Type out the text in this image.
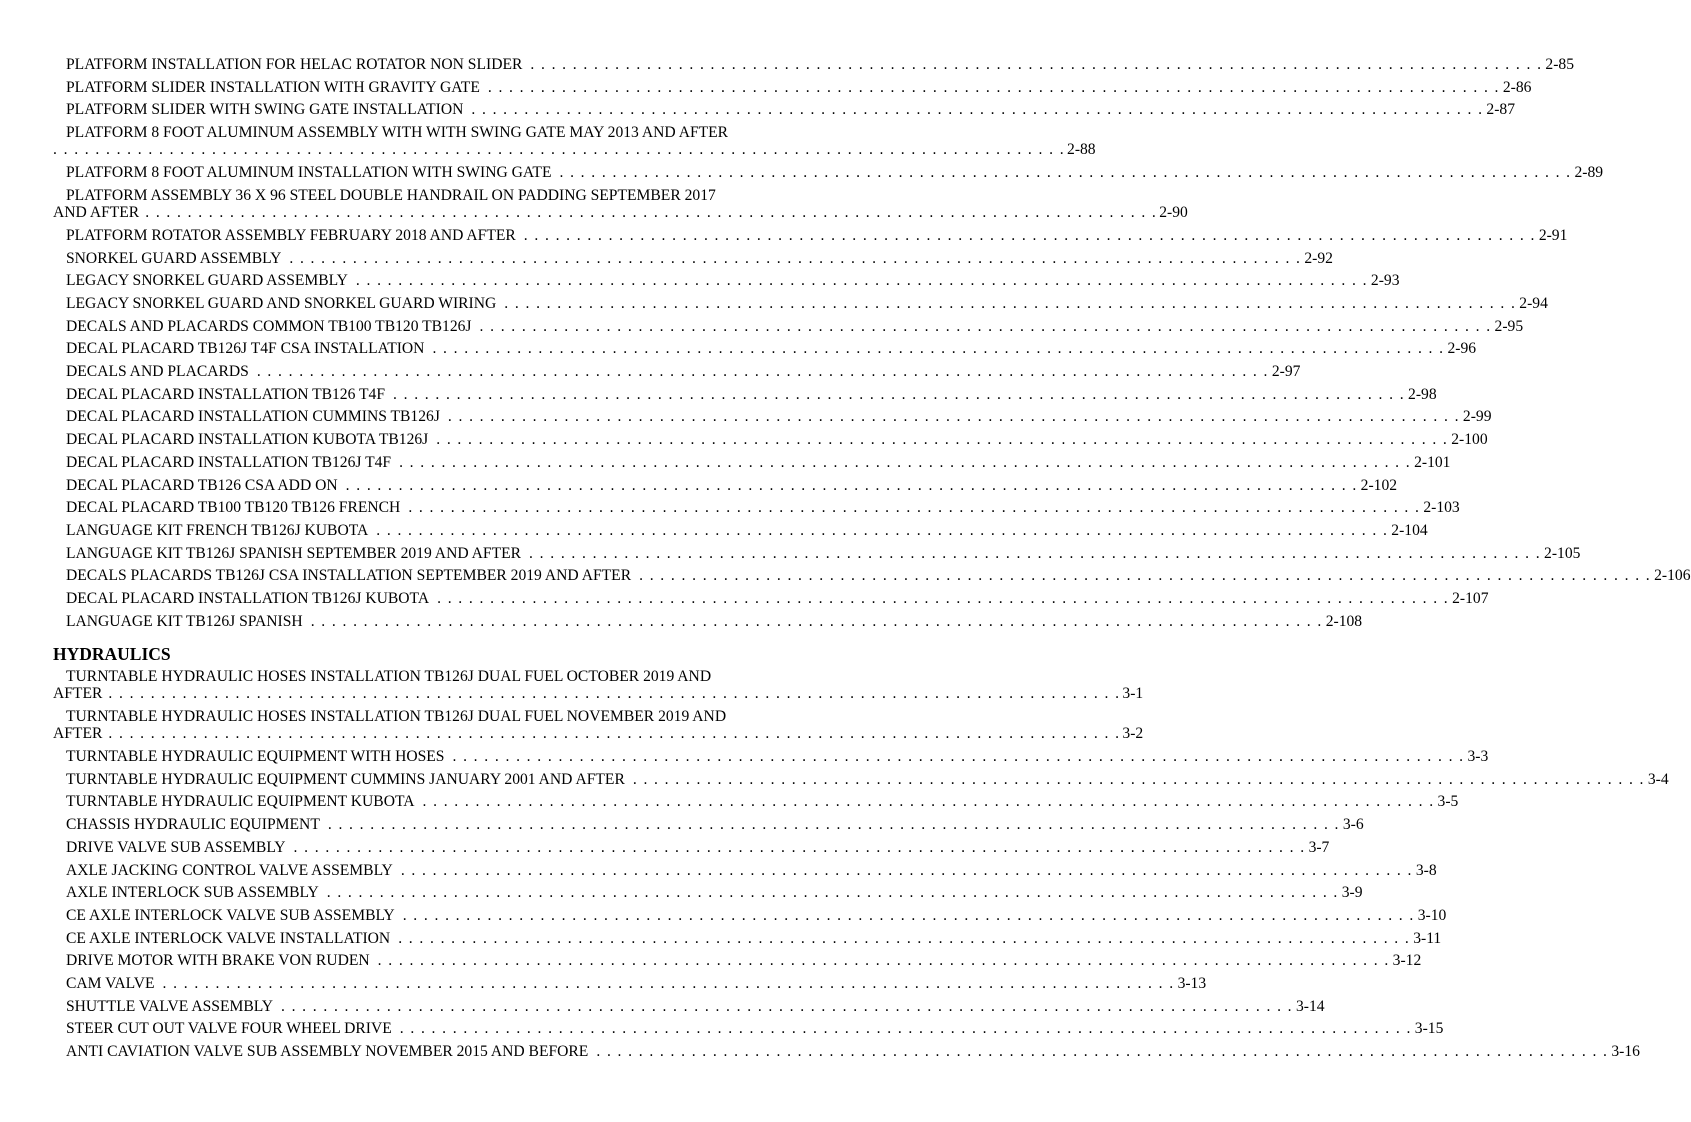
HYDRAULICS
PLATFORM INSTALLATION FOR HELAC ROTATOR NON SLIDER . . . . . . . . . . . . . . . . . . . . . . . . . . . . . . . . . . . . . . . . . . . . . . . . . . . . . . . . . . . . . . . . . . . . . . . . . . . . . . . . . . . . . . . . . . . . . . . . 2-85
PLATFORM SLIDER INSTALLATION WITH GRAVITY GATE . . . . . . . . . . . . . . . . . . . . . . . . . . . . . . . . . . . . . . . . . . . . . . . . . . . . . . . . . . . . . . . . . . . . . . . . . . . . . . . . . . . . . . . . . . . . . . . . 2-86
PLATFORM SLIDER WITH SWING GATE INSTALLATION . . . . . . . . . . . . . . . . . . . . . . . . . . . . . . . . . . . . . . . . . . . . . . . . . . . . . . . . . . . . . . . . . . . . . . . . . . . . . . . . . . . . . . . . . . . . . . . . 2-87
PLATFORM 8 FOOT ALUMINUM ASSEMBLY WITH WITH SWING GATE MAY 2013 AND AFTER
. . . . . . . . . . . . . . . . . . . . . . . . . . . . . . . . . . . . . . . . . . . . . . . . . . . . . . . . . . . . . . . . . . . . . . . . . . . . . . . . . . . . . . . . . . . . . . . . 2-88
PLATFORM 8 FOOT ALUMINUM INSTALLATION WITH SWING GATE . . . . . . . . . . . . . . . . . . . . . . . . . . . . . . . . . . . . . . . . . . . . . . . . . . . . . . . . . . . . . . . . . . . . . . . . . . . . . . . . . . . . . . . . . . . . . . . . 2-89
PLATFORM ASSEMBLY 36 X 96 STEEL DOUBLE HANDRAIL ON PADDING SEPTEMBER 2017
AND AFTER . . . . . . . . . . . . . . . . . . . . . . . . . . . . . . . . . . . . . . . . . . . . . . . . . . . . . . . . . . . . . . . . . . . . . . . . . . . . . . . . . . . . . . . . . . . . . . . . 2-90
PLATFORM ROTATOR ASSEMBLY FEBRUARY 2018 AND AFTER . . . . . . . . . . . . . . . . . . . . . . . . . . . . . . . . . . . . . . . . . . . . . . . . . . . . . . . . . . . . . . . . . . . . . . . . . . . . . . . . . . . . . . . . . . . . . . . . 2-91
SNORKEL GUARD ASSEMBLY . . . . . . . . . . . . . . . . . . . . . . . . . . . . . . . . . . . . . . . . . . . . . . . . . . . . . . . . . . . . . . . . . . . . . . . . . . . . . . . . . . . . . . . . . . . . . . . . 2-92
LEGACY SNORKEL GUARD ASSEMBLY . . . . . . . . . . . . . . . . . . . . . . . . . . . . . . . . . . . . . . . . . . . . . . . . . . . . . . . . . . . . . . . . . . . . . . . . . . . . . . . . . . . . . . . . . . . . . . . . 2-93
LEGACY SNORKEL GUARD AND SNORKEL GUARD WIRING . . . . . . . . . . . . . . . . . . . . . . . . . . . . . . . . . . . . . . . . . . . . . . . . . . . . . . . . . . . . . . . . . . . . . . . . . . . . . . . . . . . . . . . . . . . . . . . . 2-94
DECALS AND PLACARDS COMMON TB100 TB120 TB126J . . . . . . . . . . . . . . . . . . . . . . . . . . . . . . . . . . . . . . . . . . . . . . . . . . . . . . . . . . . . . . . . . . . . . . . . . . . . . . . . . . . . . . . . . . . . . . . . 2-95
DECAL PLACARD TB126J T4F CSA INSTALLATION . . . . . . . . . . . . . . . . . . . . . . . . . . . . . . . . . . . . . . . . . . . . . . . . . . . . . . . . . . . . . . . . . . . . . . . . . . . . . . . . . . . . . . . . . . . . . . . . 2-96
DECALS AND PLACARDS . . . . . . . . . . . . . . . . . . . . . . . . . . . . . . . . . . . . . . . . . . . . . . . . . . . . . . . . . . . . . . . . . . . . . . . . . . . . . . . . . . . . . . . . . . . . . . . . 2-97
DECAL PLACARD INSTALLATION TB126 T4F . . . . . . . . . . . . . . . . . . . . . . . . . . . . . . . . . . . . . . . . . . . . . . . . . . . . . . . . . . . . . . . . . . . . . . . . . . . . . . . . . . . . . . . . . . . . . . . . 2-98
DECAL PLACARD INSTALLATION CUMMINS TB126J . . . . . . . . . . . . . . . . . . . . . . . . . . . . . . . . . . . . . . . . . . . . . . . . . . . . . . . . . . . . . . . . . . . . . . . . . . . . . . . . . . . . . . . . . . . . . . . . 2-99
DECAL PLACARD INSTALLATION KUBOTA TB126J . . . . . . . . . . . . . . . . . . . . . . . . . . . . . . . . . . . . . . . . . . . . . . . . . . . . . . . . . . . . . . . . . . . . . . . . . . . . . . . . . . . . . . . . . . . . . . . . 2-100
DECAL PLACARD INSTALLATION TB126J T4F . . . . . . . . . . . . . . . . . . . . . . . . . . . . . . . . . . . . . . . . . . . . . . . . . . . . . . . . . . . . . . . . . . . . . . . . . . . . . . . . . . . . . . . . . . . . . . . . 2-101
DECAL PLACARD TB126 CSA ADD ON . . . . . . . . . . . . . . . . . . . . . . . . . . . . . . . . . . . . . . . . . . . . . . . . . . . . . . . . . . . . . . . . . . . . . . . . . . . . . . . . . . . . . . . . . . . . . . . . 2-102
DECAL PLACARD TB100 TB120 TB126 FRENCH . . . . . . . . . . . . . . . . . . . . . . . . . . . . . . . . . . . . . . . . . . . . . . . . . . . . . . . . . . . . . . . . . . . . . . . . . . . . . . . . . . . . . . . . . . . . . . . . 2-103
LANGUAGE KIT FRENCH TB126J KUBOTA . . . . . . . . . . . . . . . . . . . . . . . . . . . . . . . . . . . . . . . . . . . . . . . . . . . . . . . . . . . . . . . . . . . . . . . . . . . . . . . . . . . . . . . . . . . . . . . . 2-104
LANGUAGE KIT TB126J SPANISH SEPTEMBER 2019 AND AFTER . . . . . . . . . . . . . . . . . . . . . . . . . . . . . . . . . . . . . . . . . . . . . . . . . . . . . . . . . . . . . . . . . . . . . . . . . . . . . . . . . . . . . . . . . . . . . . . . 2-105
DECALS PLACARDS TB126J CSA INSTALLATION SEPTEMBER 2019 AND AFTER . . . . . . . . . . . . . . . . . . . . . . . . . . . . . . . . . . . . . . . . . . . . . . . . . . . . . . . . . . . . . . . . . . . . . . . . . . . . . . . . . . . . . . . . . . . . . . . . 2-106
DECAL PLACARD INSTALLATION TB126J KUBOTA . . . . . . . . . . . . . . . . . . . . . . . . . . . . . . . . . . . . . . . . . . . . . . . . . . . . . . . . . . . . . . . . . . . . . . . . . . . . . . . . . . . . . . . . . . . . . . . . 2-107
LANGUAGE KIT TB126J SPANISH . . . . . . . . . . . . . . . . . . . . . . . . . . . . . . . . . . . . . . . . . . . . . . . . . . . . . . . . . . . . . . . . . . . . . . . . . . . . . . . . . . . . . . . . . . . . . . . . 2-108
TURNTABLE HYDRAULIC HOSES INSTALLATION TB126J DUAL FUEL OCTOBER 2019 AND
AFTER . . . . . . . . . . . . . . . . . . . . . . . . . . . . . . . . . . . . . . . . . . . . . . . . . . . . . . . . . . . . . . . . . . . . . . . . . . . . . . . . . . . . . . . . . . . . . . . . 3-1
TURNTABLE HYDRAULIC HOSES INSTALLATION TB126J DUAL FUEL NOVEMBER 2019 AND
AFTER . . . . . . . . . . . . . . . . . . . . . . . . . . . . . . . . . . . . . . . . . . . . . . . . . . . . . . . . . . . . . . . . . . . . . . . . . . . . . . . . . . . . . . . . . . . . . . . . 3-2
TURNTABLE HYDRAULIC EQUIPMENT WITH HOSES . . . . . . . . . . . . . . . . . . . . . . . . . . . . . . . . . . . . . . . . . . . . . . . . . . . . . . . . . . . . . . . . . . . . . . . . . . . . . . . . . . . . . . . . . . . . . . . . 3-3
TURNTABLE HYDRAULIC EQUIPMENT CUMMINS JANUARY 2001 AND AFTER . . . . . . . . . . . . . . . . . . . . . . . . . . . . . . . . . . . . . . . . . . . . . . . . . . . . . . . . . . . . . . . . . . . . . . . . . . . . . . . . . . . . . . . . . . . . . . . . 3-4
TURNTABLE HYDRAULIC EQUIPMENT KUBOTA . . . . . . . . . . . . . . . . . . . . . . . . . . . . . . . . . . . . . . . . . . . . . . . . . . . . . . . . . . . . . . . . . . . . . . . . . . . . . . . . . . . . . . . . . . . . . . . . 3-5
CHASSIS HYDRAULIC EQUIPMENT . . . . . . . . . . . . . . . . . . . . . . . . . . . . . . . . . . . . . . . . . . . . . . . . . . . . . . . . . . . . . . . . . . . . . . . . . . . . . . . . . . . . . . . . . . . . . . . . 3-6
DRIVE VALVE SUB ASSEMBLY . . . . . . . . . . . . . . . . . . . . . . . . . . . . . . . . . . . . . . . . . . . . . . . . . . . . . . . . . . . . . . . . . . . . . . . . . . . . . . . . . . . . . . . . . . . . . . . . 3-7
AXLE JACKING CONTROL VALVE ASSEMBLY . . . . . . . . . . . . . . . . . . . . . . . . . . . . . . . . . . . . . . . . . . . . . . . . . . . . . . . . . . . . . . . . . . . . . . . . . . . . . . . . . . . . . . . . . . . . . . . . 3-8
AXLE INTERLOCK SUB ASSEMBLY . . . . . . . . . . . . . . . . . . . . . . . . . . . . . . . . . . . . . . . . . . . . . . . . . . . . . . . . . . . . . . . . . . . . . . . . . . . . . . . . . . . . . . . . . . . . . . . . 3-9
CE AXLE INTERLOCK VALVE SUB ASSEMBLY . . . . . . . . . . . . . . . . . . . . . . . . . . . . . . . . . . . . . . . . . . . . . . . . . . . . . . . . . . . . . . . . . . . . . . . . . . . . . . . . . . . . . . . . . . . . . . . . 3-10
CE AXLE INTERLOCK VALVE INSTALLATION . . . . . . . . . . . . . . . . . . . . . . . . . . . . . . . . . . . . . . . . . . . . . . . . . . . . . . . . . . . . . . . . . . . . . . . . . . . . . . . . . . . . . . . . . . . . . . . . 3-11
DRIVE MOTOR WITH BRAKE VON RUDEN . . . . . . . . . . . . . . . . . . . . . . . . . . . . . . . . . . . . . . . . . . . . . . . . . . . . . . . . . . . . . . . . . . . . . . . . . . . . . . . . . . . . . . . . . . . . . . . . 3-12
CAM VALVE . . . . . . . . . . . . . . . . . . . . . . . . . . . . . . . . . . . . . . . . . . . . . . . . . . . . . . . . . . . . . . . . . . . . . . . . . . . . . . . . . . . . . . . . . . . . . . . . 3-13
SHUTTLE VALVE ASSEMBLY . . . . . . . . . . . . . . . . . . . . . . . . . . . . . . . . . . . . . . . . . . . . . . . . . . . . . . . . . . . . . . . . . . . . . . . . . . . . . . . . . . . . . . . . . . . . . . . . 3-14
STEER CUT OUT VALVE FOUR WHEEL DRIVE . . . . . . . . . . . . . . . . . . . . . . . . . . . . . . . . . . . . . . . . . . . . . . . . . . . . . . . . . . . . . . . . . . . . . . . . . . . . . . . . . . . . . . . . . . . . . . . . 3-15
ANTI CAVIATION VALVE SUB ASSEMBLY NOVEMBER 2015 AND BEFORE . . . . . . . . . . . . . . . . . . . . . . . . . . . . . . . . . . . . . . . . . . . . . . . . . . . . . . . . . . . . . . . . . . . . . . . . . . . . . . . . . . . . . . . . . . . . . . . . 3-16
